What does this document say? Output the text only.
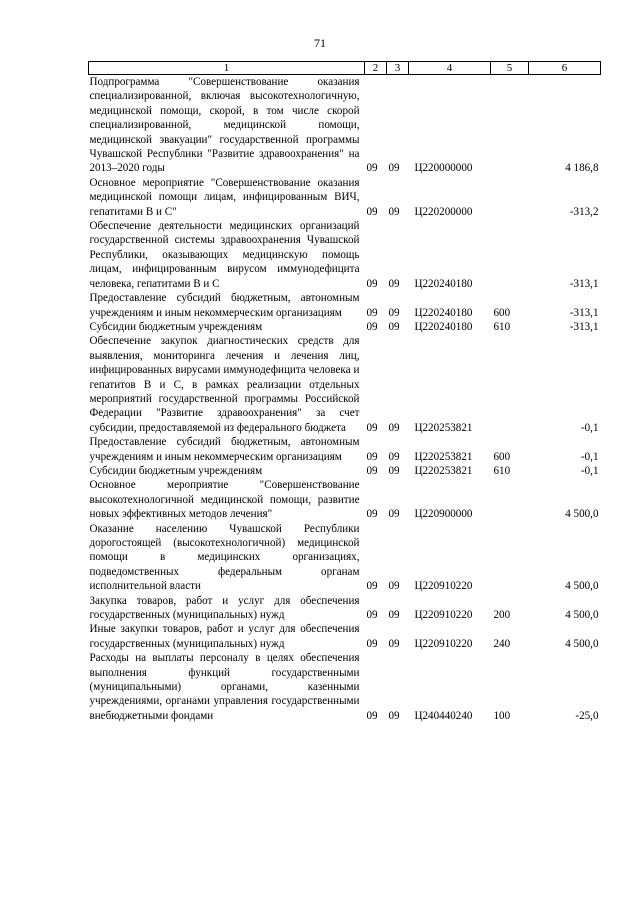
71
1	2	3	4	5	6
Подпрограмма "Совершенствование оказания специализированной, включая высокотехнологичную, медицинской помощи, скорой, в том числе скорой специализированной, медицинской помощи, медицинской эвакуации" государственной программы Чувашской Республики "Развитие здравоохранения" на 2013–2020 годы	09	09	Ц220000000		4 186,8
Основное мероприятие "Совершенствование оказания медицинской помощи лицам, инфицированным ВИЧ, гепатитами В и С"	09	09	Ц220200000		-313,2
Обеспечение деятельности медицинских организаций государственной системы здравоохранения Чувашской Республики, оказывающих медицинскую помощь лицам, инфицированным вирусом иммунодефицита человека, гепатитами В и С	09	09	Ц220240180		-313,1
Предоставление субсидий бюджетным, автономным учреждениям и иным некоммерческим организациям	09	09	Ц220240180	600	-313,1
Субсидии бюджетным учреждениям	09	09	Ц220240180	610	-313,1
Обеспечение закупок диагностических средств для выявления, мониторинга лечения и лечения лиц, инфицированных вирусами иммунодефицита человека и гепатитов В и С, в рамках реализации отдельных мероприятий государственной программы Российской Федерации "Развитие здравоохранения" за счет субсидии, предоставляемой из федерального бюджета	09	09	Ц220253821		-0,1
Предоставление субсидий бюджетным, автономным учреждениям и иным некоммерческим организациям	09	09	Ц220253821	600	-0,1
Субсидии бюджетным учреждениям	09	09	Ц220253821	610	-0,1
Основное мероприятие "Совершенствование высокотехнологичной медицинской помощи, развитие новых эффективных методов лечения"	09	09	Ц220900000		4 500,0
Оказание населению Чувашской Республики дорогостоящей (высокотехнологичной) медицинской помощи в медицинских организациях, подведомственных федеральным органам исполнительной власти	09	09	Ц220910220		4 500,0
Закупка товаров, работ и услуг для обеспечения государственных (муниципальных) нужд	09	09	Ц220910220	200	4 500,0
Иные закупки товаров, работ и услуг для обеспечения государственных (муниципальных) нужд	09	09	Ц220910220	240	4 500,0
Расходы на выплаты персоналу в целях обеспечения выполнения функций государственными (муниципальными) органами, казенными учреждениями, органами управления государственными внебюджетными фондами	09	09	Ц240440240	100	-25,0
